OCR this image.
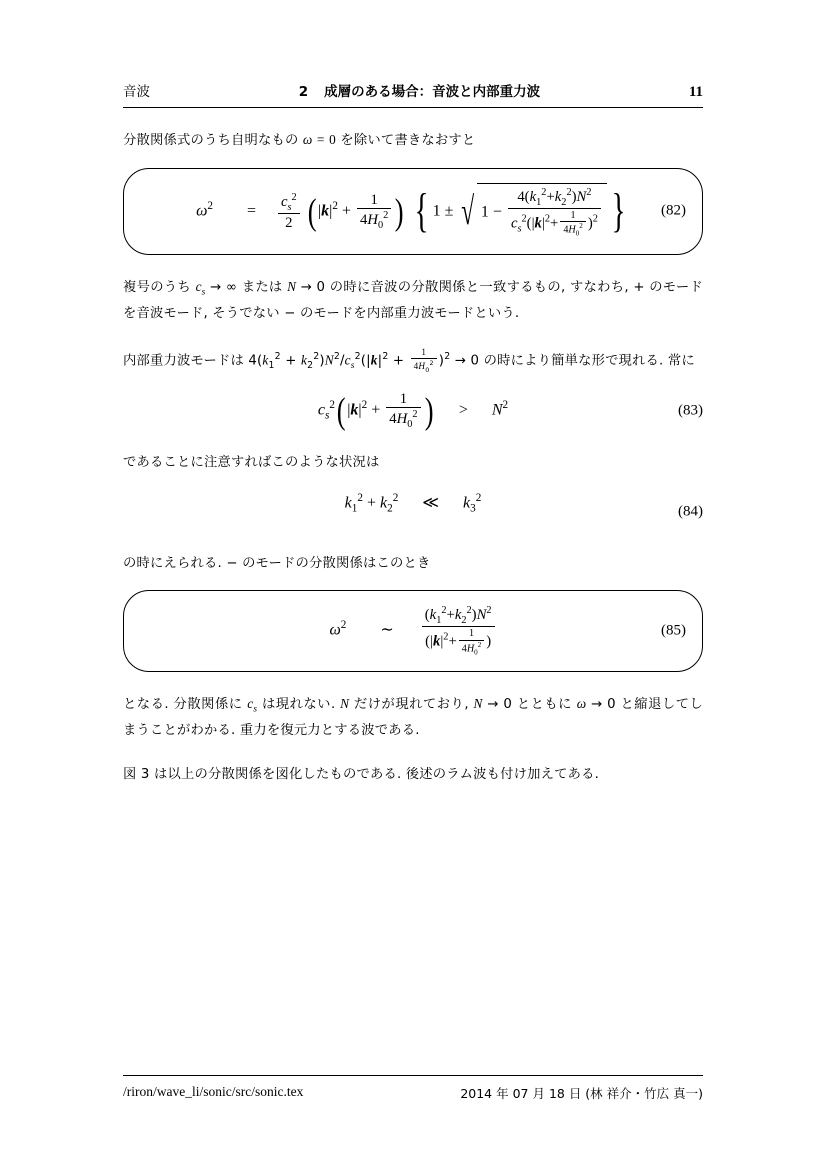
音波	2 成層のある場合：音波と内部重力波	11

分散関係式のうち自明なもの ω = 0 を除いて書きなおすと

$\omega^2 = \frac{c_s^2}{2}$ ( $|k|^2 + \frac{1}{4H_0^2}$ ) { 1 ± √ $1 - \frac{4(k_1^2+k_2^2)N^2}{c_s^2(|k|^2+ \frac{1}{4H_0^2} )^2}$ }	(82)

複号のうち $c_s$ → ∞ または N → 0 の時に音波の分散関係と一致するもの, すなわち, + のモードを音波モード, そうでない − のモードを内部重力波モードという.

内部重力波モードは $4(k_1^2 + k_2^2)N^2/c_s^2(|k|^2 + \frac{1}{4H_0^2} )^2 \to 0$ の時により簡単な形で現れる. 常に

$c_s^2$( $|k|^2 + \frac{1}{4H_0^2}$ ) > $N^2$	(83)

であることに注意すればこのような状況は

$k_1^2 + k_2^2$ ≪ $k_3^2$
(84)

の時にえられる. − のモードの分散関係はこのとき

$\omega^2$ ∼ $\frac{(k_1^2+k_2^2)N^2}{(|k|^2+ \frac{1}{4H_0^2} )}$	(85)

となる. 分散関係に $c_s$ は現れない. N だけが現れており, N → 0 とともに ω → 0 と縮退してしまうことがわかる. 重力を復元力とする波である.

図 3 は以上の分散関係を図化したものである. 後述のラム波も付け加えてある.

/riron/wave_li/sonic/src/sonic.tex	2014 年 07 月 18 日 (林 祥介・竹広 真一)
